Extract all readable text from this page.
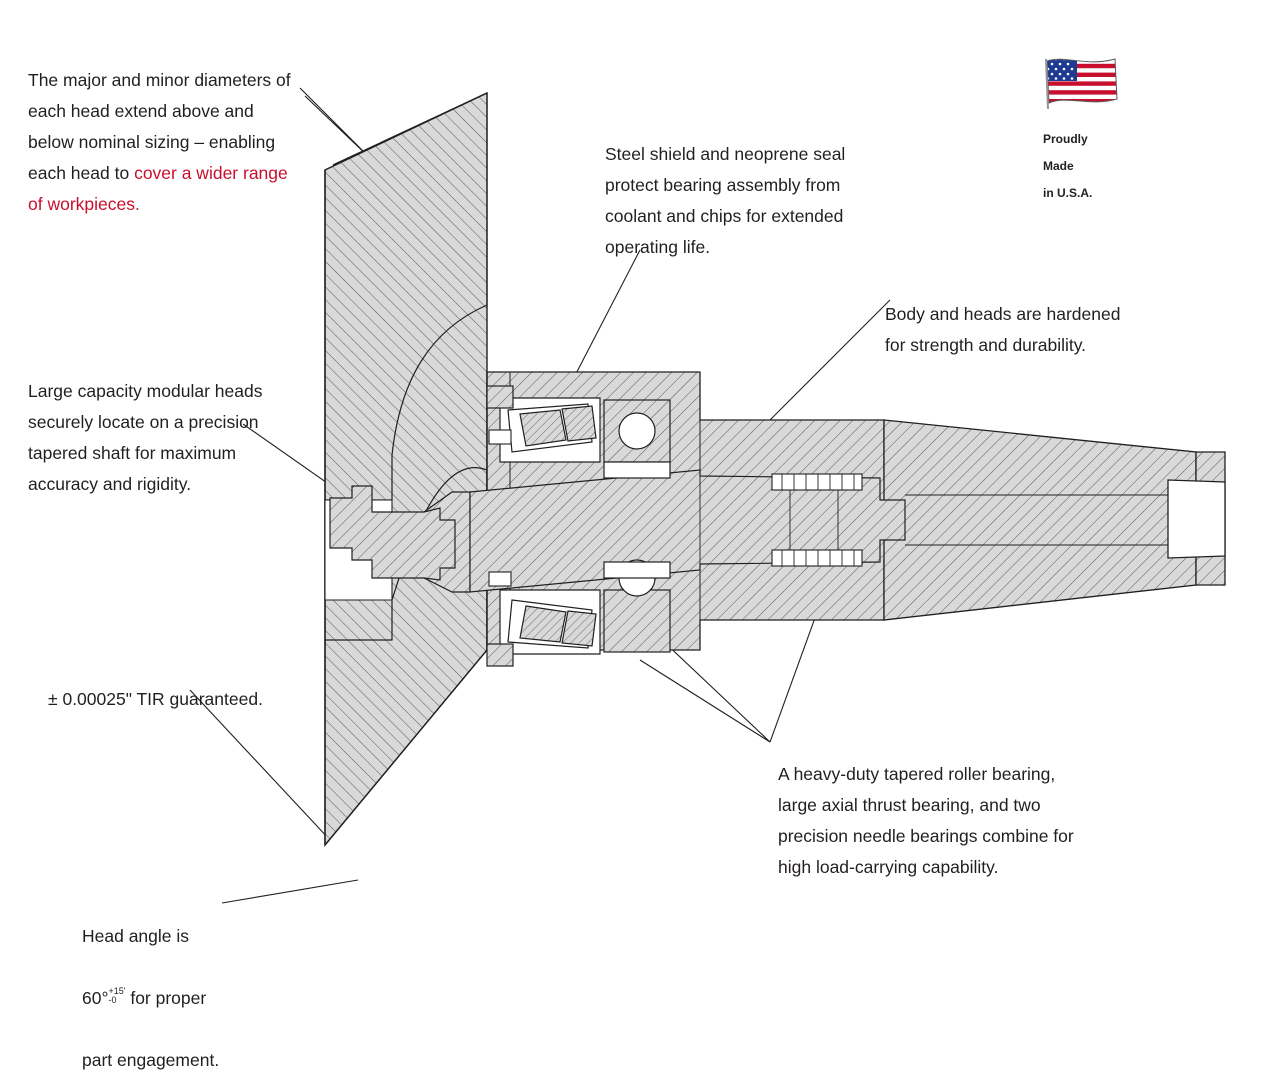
The major and minor diameters of each head extend above and below nominal sizing – enabling each head to cover a wider range of workpieces.

Large capacity modular heads securely locate on a precision tapered shaft for maximum accuracy and rigidity.

± 0.00025" TIR guaranteed.

Head angle is

60° +15'
-0 for proper

part engagement.

Steel shield and neoprene seal protect bearing assembly from coolant and chips for extended operating life.

Body and heads are hardened for strength and durability.

A heavy-duty tapered roller bearing, large axial thrust bearing, and two precision needle bearings combine for high load-carrying capability.

Proudly

Made

in U.S.A.
